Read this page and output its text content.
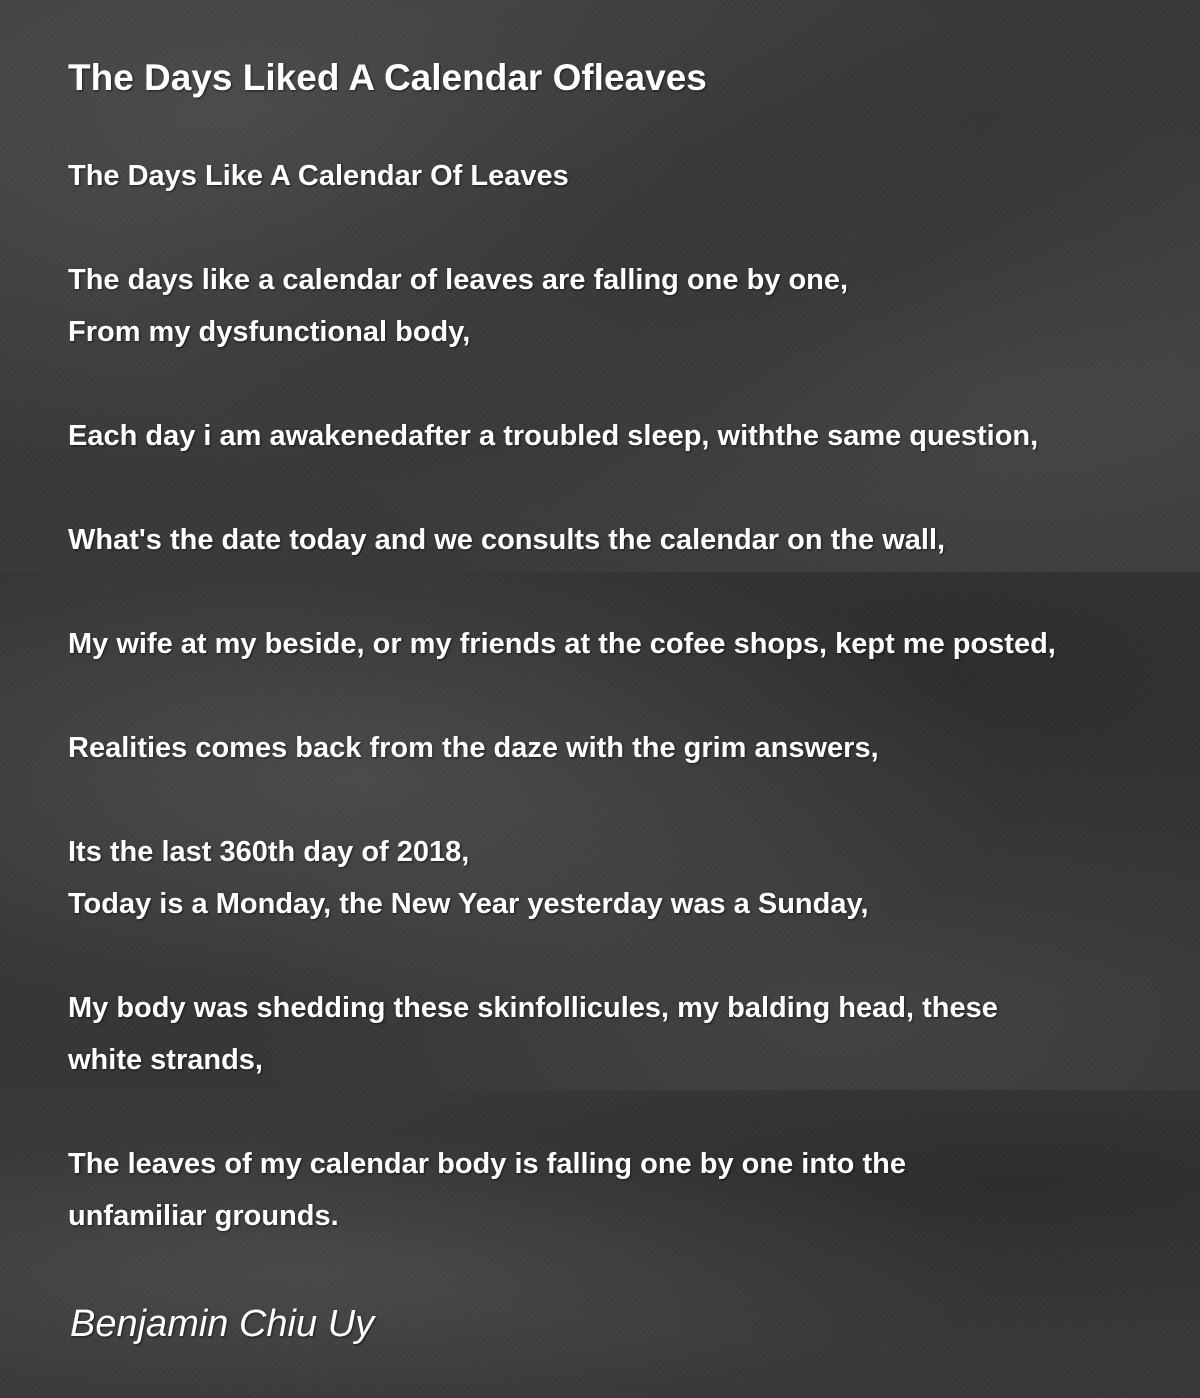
The Days Liked A Calendar Ofleaves
The Days Like A Calendar Of Leaves
The days like a calendar of leaves are falling one by one,
From my dysfunctional body,
Each day i am awakenedafter a troubled sleep, withthe same question,
What's the date today and we consults the calendar on the wall,
My wife at my beside, or my friends at the cofee shops, kept me posted,
Realities comes back from the daze with the grim answers,
Its the last 360th day of 2018,
Today is a Monday, the New Year yesterday was a Sunday,
My body was shedding these skinfollicules, my balding head, these
white strands,
The leaves of my calendar body is falling one by one into the
unfamiliar grounds.

Benjamin Chiu Uy
